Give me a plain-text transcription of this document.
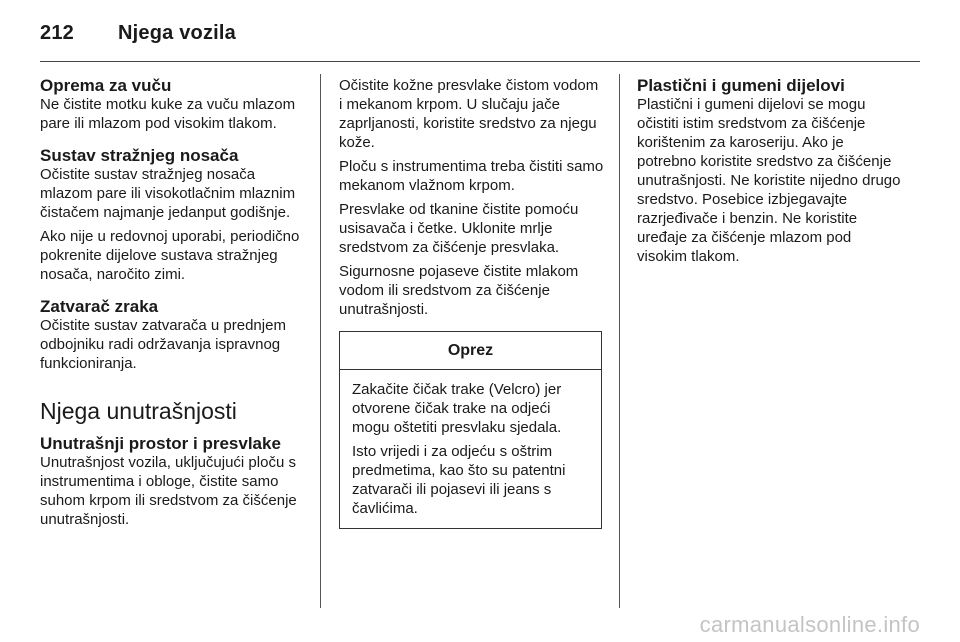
212 Njega vozila
Oprema za vuču

Ne čistite motku kuke za vuču mlazom pare ili mlazom pod visokim tlakom.

Sustav stražnjeg nosača

Očistite sustav stražnjeg nosača mlazom pare ili visokotlačnim mlaznim čistačem najmanje jedanput godišnje.

Ako nije u redovnoj uporabi, periodično pokrenite dijelove sustava stražnjeg nosača, naročito zimi.

Zatvarač zraka

Očistite sustav zatvarača u prednjem odbojniku radi održavanja ispravnog funkcioniranja.

Njega unutrašnjosti
Unutrašnji prostor i presvlake

Unutrašnjost vozila, uključujući ploču s instrumentima i obloge, čistite samo suhom krpom ili sredstvom za čišćenje unutrašnjosti.

Očistite kožne presvlake čistom vodom i mekanom krpom. U slučaju jače zaprljanosti, koristite sredstvo za njegu kože.

Ploču s instrumentima treba čistiti samo mekanom vlažnom krpom.

Presvlake od tkanine čistite pomoću usisavača i četke. Uklonite mrlje sredstvom za čišćenje presvlaka.

Sigurnosne pojaseve čistite mlakom vodom ili sredstvom za čišćenje unutrašnjosti.

Oprez

Zakačite čičak trake (Velcro) jer otvorene čičak trake na odjeći mogu oštetiti presvlaku sjedala.

Isto vrijedi i za odjeću s oštrim predmetima, kao što su patentni zatvarači ili pojasevi ili jeans s čavlićima.

Plastični i gumeni dijelovi

Plastični i gumeni dijelovi se mogu očistiti istim sredstvom za čišćenje korištenim za karoseriju. Ako je potrebno koristite sredstvo za čišćenje unutrašnjosti. Ne koristite nijedno drugo sredstvo. Posebice izbjegavajte razrjeđivače i benzin. Ne koristite uređaje za čišćenje mlazom pod visokim tlakom.

carmanualsonline.info
